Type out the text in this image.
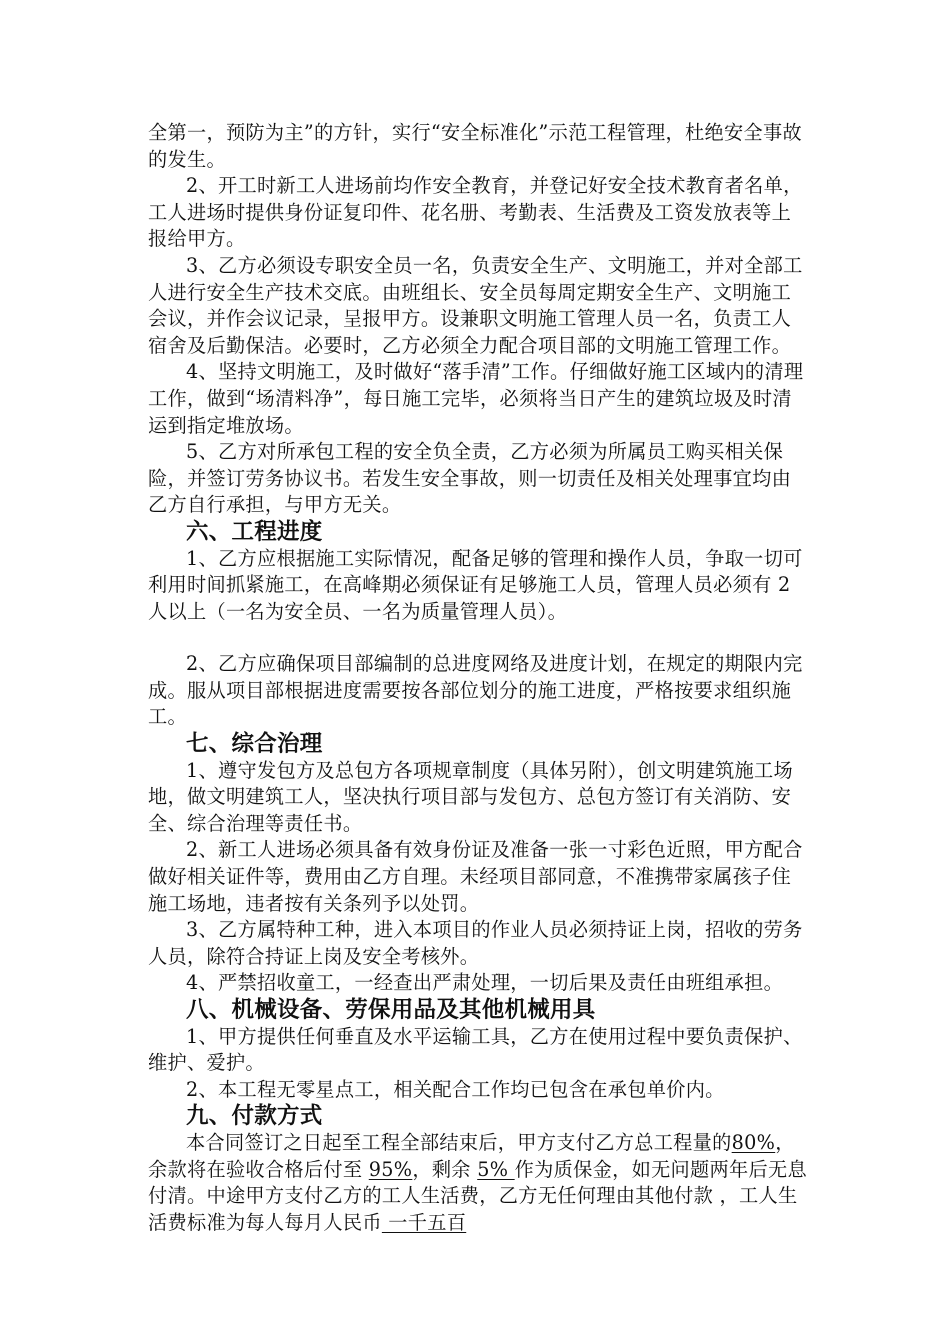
全第一，预防为主”的方针，实行“安全标准化”示范工程管理，杜绝安全事故的发生。

2、开工时新工人进场前均作安全教育，并登记好安全技术教育者名单，工人进场时提供身份证复印件、花名册、考勤表、生活费及工资发放表等上报给甲方。

3、乙方必须设专职安全员一名，负责安全生产、文明施工，并对全部工人进行安全生产技术交底。由班组长、安全员每周定期安全生产、文明施工会议，并作会议记录，呈报甲方。设兼职文明施工管理人员一名，负责工人宿舍及后勤保洁。必要时，乙方必须全力配合项目部的文明施工管理工作。

4、坚持文明施工，及时做好“落手清”工作。仔细做好施工区域内的清理工作，做到“场清料净”，每日施工完毕，必须将当日产生的建筑垃圾及时清运到指定堆放场。

5、乙方对所承包工程的安全负全责，乙方必须为所属员工购买相关保险，并签订劳务协议书。若发生安全事故，则一切责任及相关处理事宜均由乙方自行承担，与甲方无关。

六、工程进度

1、乙方应根据施工实际情况，配备足够的管理和操作人员，争取一切可利用时间抓紧施工，在高峰期必须保证有足够施工人员，管理人员必须有 2 人以上（一名为安全员、一名为质量管理人员）。

2、乙方应确保项目部编制的总进度网络及进度计划，在规定的期限内完成。服从项目部根据进度需要按各部位划分的施工进度，严格按要求组织施工。

七、综合治理

1、遵守发包方及总包方各项规章制度（具体另附），创文明建筑施工场地，做文明建筑工人，坚决执行项目部与发包方、总包方签订有关消防、安全、综合治理等责任书。

2、新工人进场必须具备有效身份证及准备一张一寸彩色近照，甲方配合做好相关证件等，费用由乙方自理。未经项目部同意，不准携带家属孩子住施工场地，违者按有关条列予以处罚。

3、乙方属特种工种，进入本项目的作业人员必须持证上岗，招收的劳务人员，除符合持证上岗及安全考核外。

4、严禁招收童工，一经查出严肃处理，一切后果及责任由班组承担。

八、机械设备、劳保用品及其他机械用具

1、甲方提供任何垂直及水平运输工具，乙方在使用过程中要负责保护、维护、爱护。

2、本工程无零星点工，相关配合工作均已包含在承包单价内。

九、付款方式

本合同签订之日起至工程全部结束后，甲方支付乙方总工程量的80%，余款将在验收合格后付至 95%，剩余 5% 作为质保金，如无问题两年后无息付清。中途甲方支付乙方的工人生活费，乙方无任何理由其他付款 ，工人生活费标准为每人每月人民币 一千五百
